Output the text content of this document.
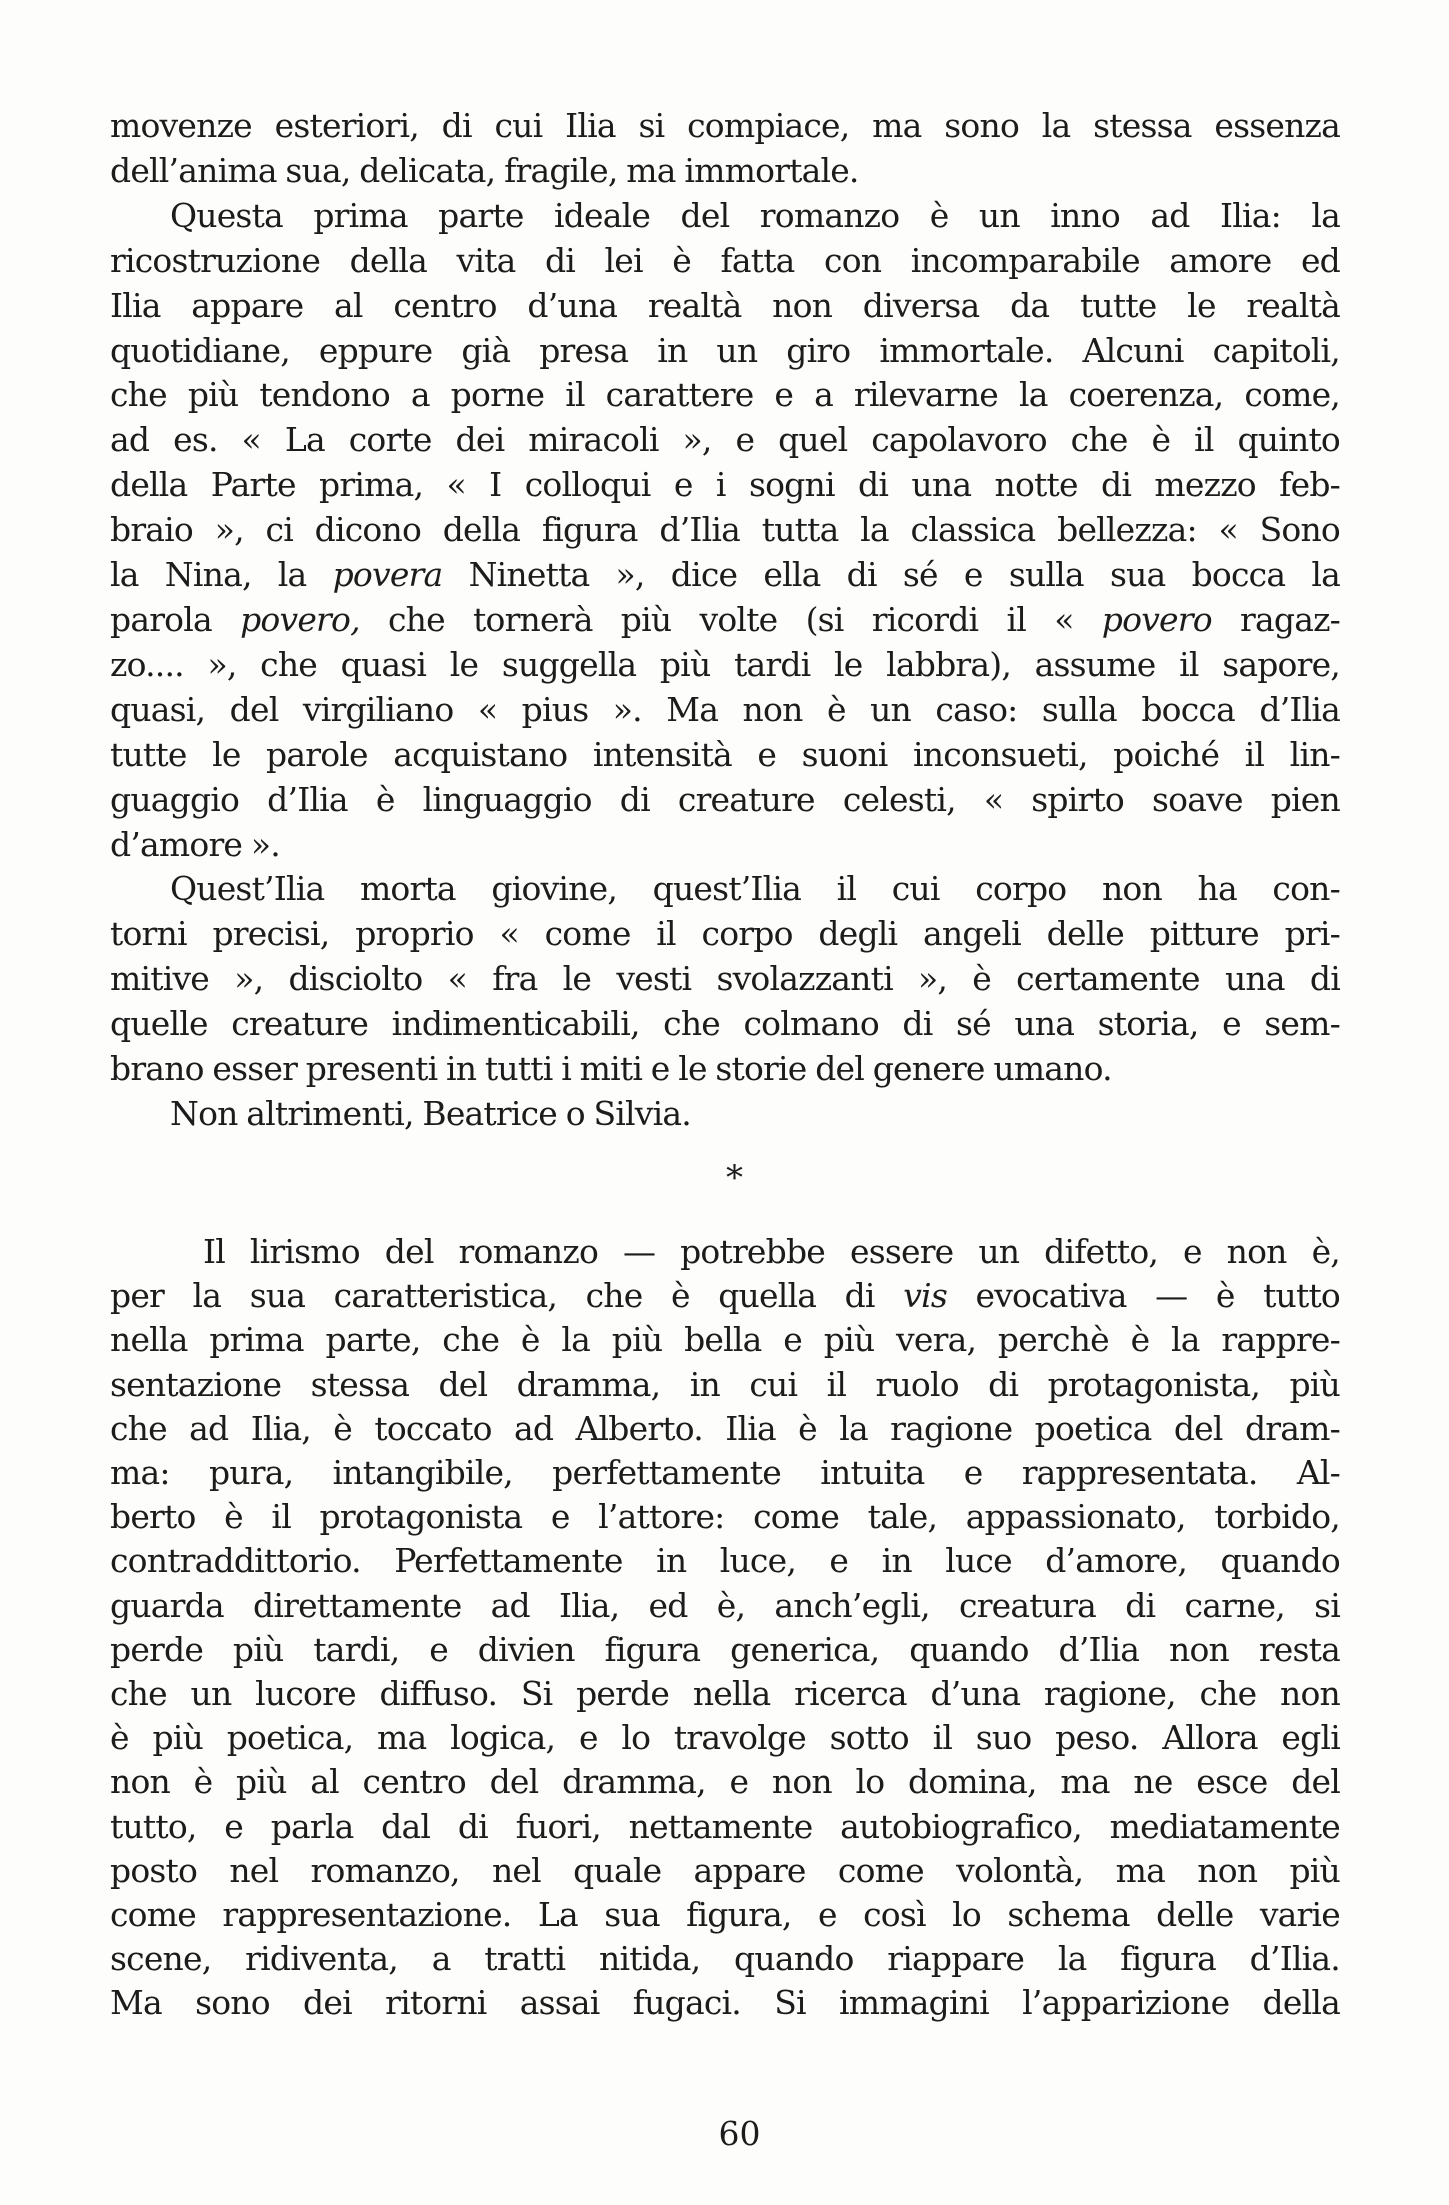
movenze esteriori, di cui Ilia si compiace, ma sono la stessa essenza
dell’anima sua, delicata, fragile, ma immortale.
Questa prima parte ideale del romanzo è un inno ad Ilia: la
ricostruzione della vita di lei è fatta con incomparabile amore ed
Ilia appare al centro d’una realtà non diversa da tutte le realtà
quotidiane, eppure già presa in un giro immortale. Alcuni capitoli,
che più tendono a porne il carattere e a rilevarne la coerenza, come,
ad es. « La corte dei miracoli », e quel capolavoro che è il quinto
della Parte prima, « I colloqui e i sogni di una notte di mezzo feb-
braio », ci dicono della figura d’Ilia tutta la classica bellezza: « Sono
la Nina, la povera Ninetta », dice ella di sé e sulla sua bocca la
parola povero, che tornerà più volte (si ricordi il « povero ragaz-
zo.... », che quasi le suggella più tardi le labbra), assume il sapore,
quasi, del virgiliano « pius ». Ma non è un caso: sulla bocca d’Ilia
tutte le parole acquistano intensità e suoni inconsueti, poiché il lin-
guaggio d’Ilia è linguaggio di creature celesti, « spirto soave pien
d’amore ».
Quest’Ilia morta giovine, quest’Ilia il cui corpo non ha con-
torni precisi, proprio « come il corpo degli angeli delle pitture pri-
mitive », disciolto « fra le vesti svolazzanti », è certamente una di
quelle creature indimenticabili, che colmano di sé una storia, e sem-
brano esser presenti in tutti i miti e le storie del genere umano.
Non altrimenti, Beatrice o Silvia.
*
Il lirismo del romanzo — potrebbe essere un difetto, e non è,
per la sua caratteristica, che è quella di vis evocativa — è tutto
nella prima parte, che è la più bella e più vera, perchè è la rappre-
sentazione stessa del dramma, in cui il ruolo di protagonista, più
che ad Ilia, è toccato ad Alberto. Ilia è la ragione poetica del dram-
ma: pura, intangibile, perfettamente intuita e rappresentata. Al-
berto è il protagonista e l’attore: come tale, appassionato, torbido,
contraddittorio. Perfettamente in luce, e in luce d’amore, quando
guarda direttamente ad Ilia, ed è, anch’egli, creatura di carne, si
perde più tardi, e divien figura generica, quando d’Ilia non resta
che un lucore diffuso. Si perde nella ricerca d’una ragione, che non
è più poetica, ma logica, e lo travolge sotto il suo peso. Allora egli
non è più al centro del dramma, e non lo domina, ma ne esce del
tutto, e parla dal di fuori, nettamente autobiografico, mediatamente
posto nel romanzo, nel quale appare come volontà, ma non più
come rappresentazione. La sua figura, e così lo schema delle varie
scene, ridiventa, a tratti nitida, quando riappare la figura d’Ilia.
Ma sono dei ritorni assai fugaci. Si immagini l’apparizione della
60
